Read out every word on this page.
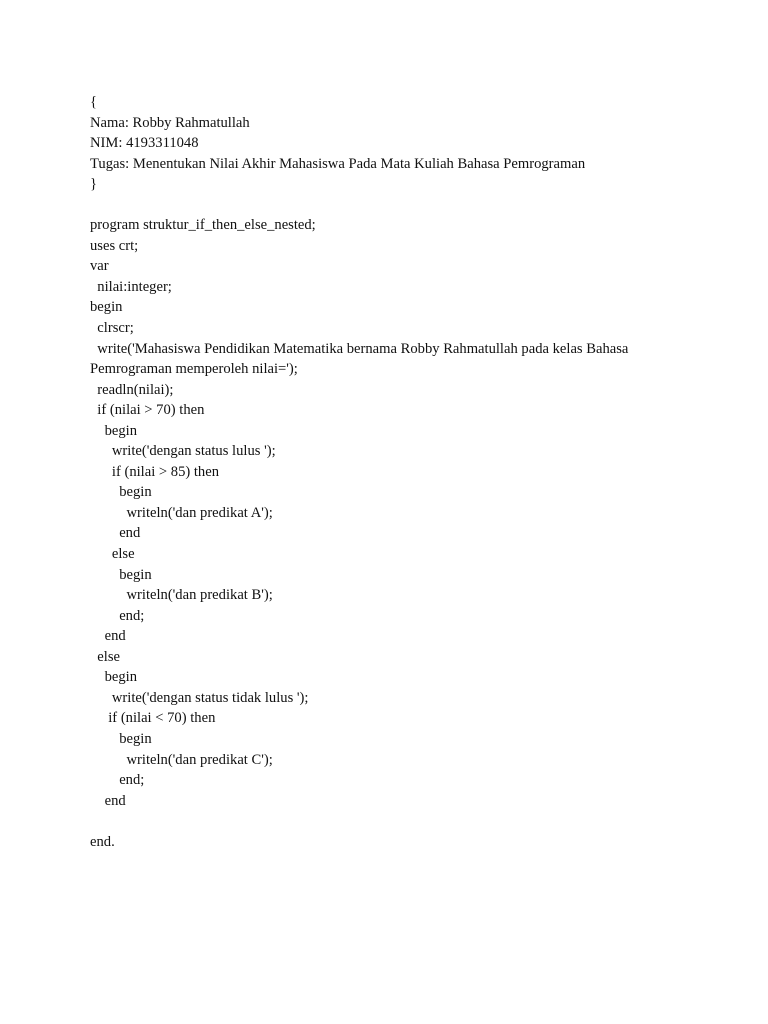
{
Nama: Robby Rahmatullah
NIM: 4193311048
Tugas: Menentukan Nilai Akhir Mahasiswa Pada Mata Kuliah Bahasa Pemrograman
}
program struktur_if_then_else_nested;
uses crt;
var
nilai:integer;
begin
clrscr;
write('Mahasiswa Pendidikan Matematika bernama Robby Rahmatullah pada kelas Bahasa
Pemrograman memperoleh nilai=');
readln(nilai);
if (nilai > 70) then
begin
write('dengan status lulus ');
if (nilai > 85) then
begin
writeln('dan predikat A');
end
else
begin
writeln('dan predikat B');
end;
end
else
begin
write('dengan status tidak lulus ');
if (nilai < 70) then
begin
writeln('dan predikat C');
end;
end
end.
